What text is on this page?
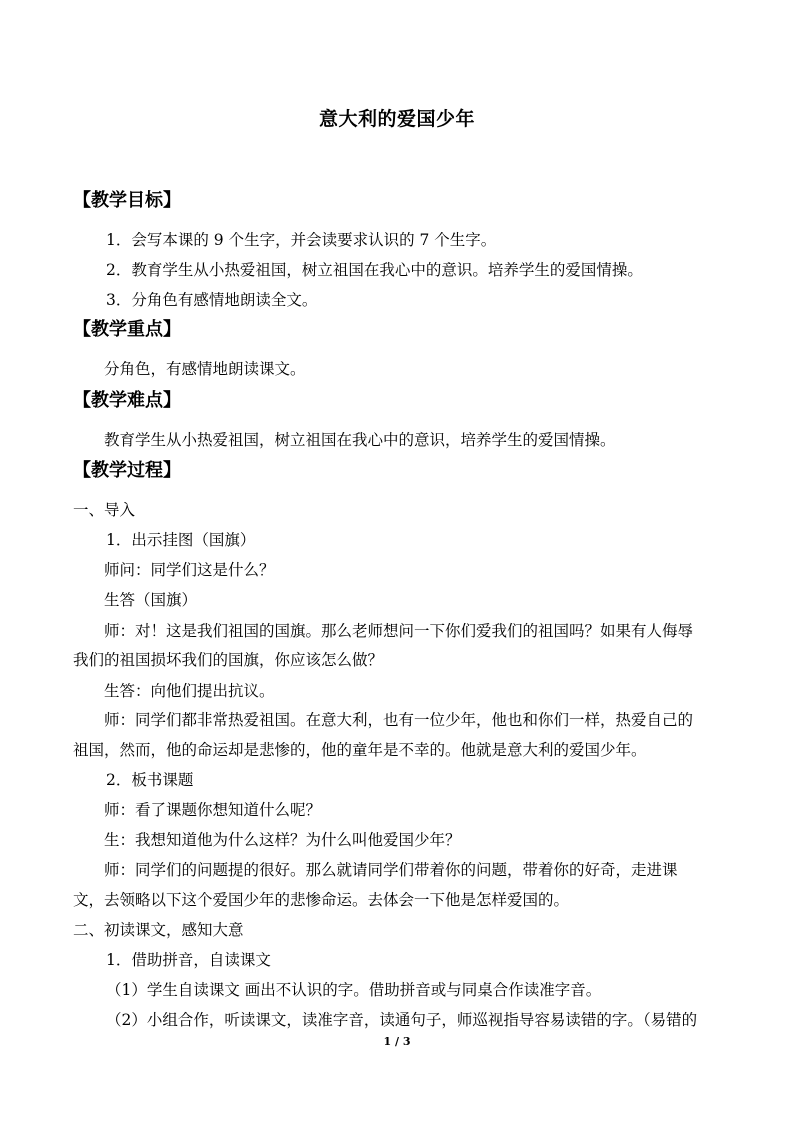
意大利的爱国少年
【教学目标】
1．会写本课的 9 个生字，并会读要求认识的 7 个生字。
2．教育学生从小热爱祖国，树立祖国在我心中的意识。培养学生的爱国情操。
3．分角色有感情地朗读全文。
【教学重点】
分角色，有感情地朗读课文。
【教学难点】
教育学生从小热爱祖国，树立祖国在我心中的意识，培养学生的爱国情操。
【教学过程】
一、导入
1．出示挂图（国旗）
师问：同学们这是什么？
生答（国旗）
师：对！这是我们祖国的国旗。那么老师想问一下你们爱我们的祖国吗？如果有人侮辱
我们的祖国损坏我们的国旗，你应该怎么做？
生答：向他们提出抗议。
师：同学们都非常热爱祖国。在意大利，也有一位少年，他也和你们一样，热爱自己的
祖国，然而，他的命运却是悲惨的，他的童年是不幸的。他就是意大利的爱国少年。
2．板书课题
师：看了课题你想知道什么呢？
生：我想知道他为什么这样？为什么叫他爱国少年？
师：同学们的问题提的很好。那么就请同学们带着你的问题，带着你的好奇，走进课
文，去领略以下这个爱国少年的悲惨命运。去体会一下他是怎样爱国的。
二、初读课文，感知大意
1．借助拼音，自读课文
（1）学生自读课文 画出不认识的字。借助拼音或与同桌合作读准字音。
（2）小组合作，听读课文，读准字音，读通句子，师巡视指导容易读错的字。（易错的
1 / 3
